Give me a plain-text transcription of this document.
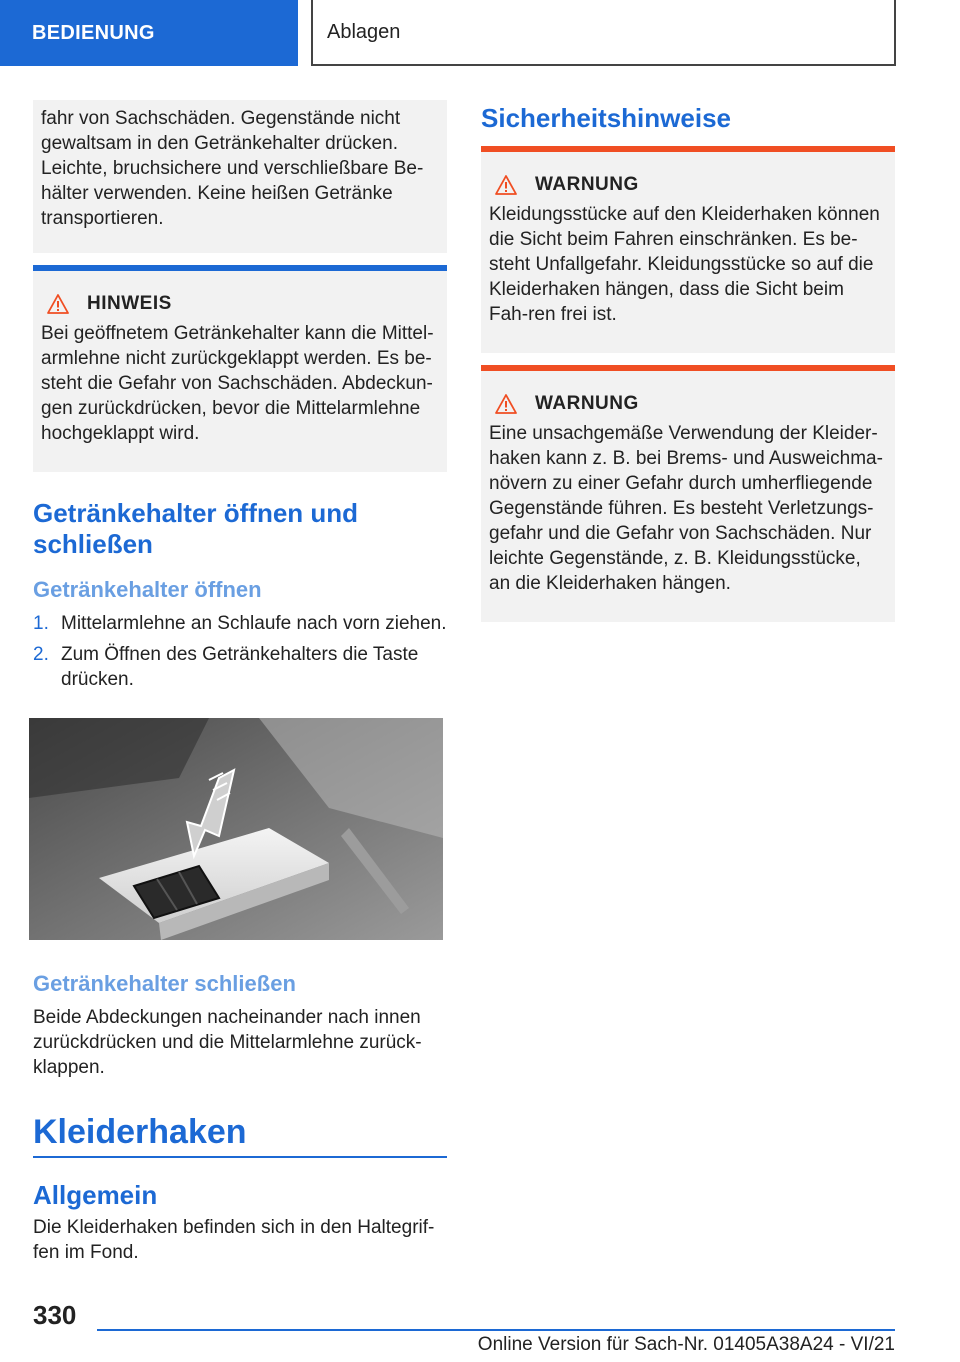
BEDIENUNG	Ablagen

fahr von Sachschäden. Gegenstände nicht gewaltsam in den Getränkehalter drücken. Leichte, bruchsichere und verschließbare Be-hälter verwenden. Keine heißen Getränke transportieren.

HINWEIS

Bei geöffnetem Getränkehalter kann die Mittel-armlehne nicht zurückgeklappt werden. Es be-steht die Gefahr von Sachschäden. Abdeckun-gen zurückdrücken, bevor die Mittelarmlehne hochgeklappt wird.

Getränkehalter öffnen und schließen
Getränkehalter öffnen
1. Mittelarmlehne an Schlaufe nach vorn ziehen.
2. Zum Öffnen des Getränkehalters die Taste drücken.
Getränkehalter schließen

Beide Abdeckungen nacheinander nach innen zurückdrücken und die Mittelarmlehne zurück-klappen.

Kleiderhaken
Allgemein

Die Kleiderhaken befinden sich in den Haltegrif-fen im Fond.

Sicherheitshinweise
WARNUNG

Kleidungsstücke auf den Kleiderhaken können die Sicht beim Fahren einschränken. Es be-steht Unfallgefahr. Kleidungsstücke so auf die Kleiderhaken hängen, dass die Sicht beim Fah-ren frei ist.

WARNUNG

Eine unsachgemäße Verwendung der Kleider-haken kann z. B. bei Brems- und Ausweichma-növern zu einer Gefahr durch umherfliegende Gegenstände führen. Es besteht Verletzungs-gefahr und die Gefahr von Sachschäden. Nur leichte Gegenstände, z. B. Kleidungsstücke, an die Kleiderhaken hängen.

330
Online Version für Sach-Nr. 01405A38A24 - VI/21
